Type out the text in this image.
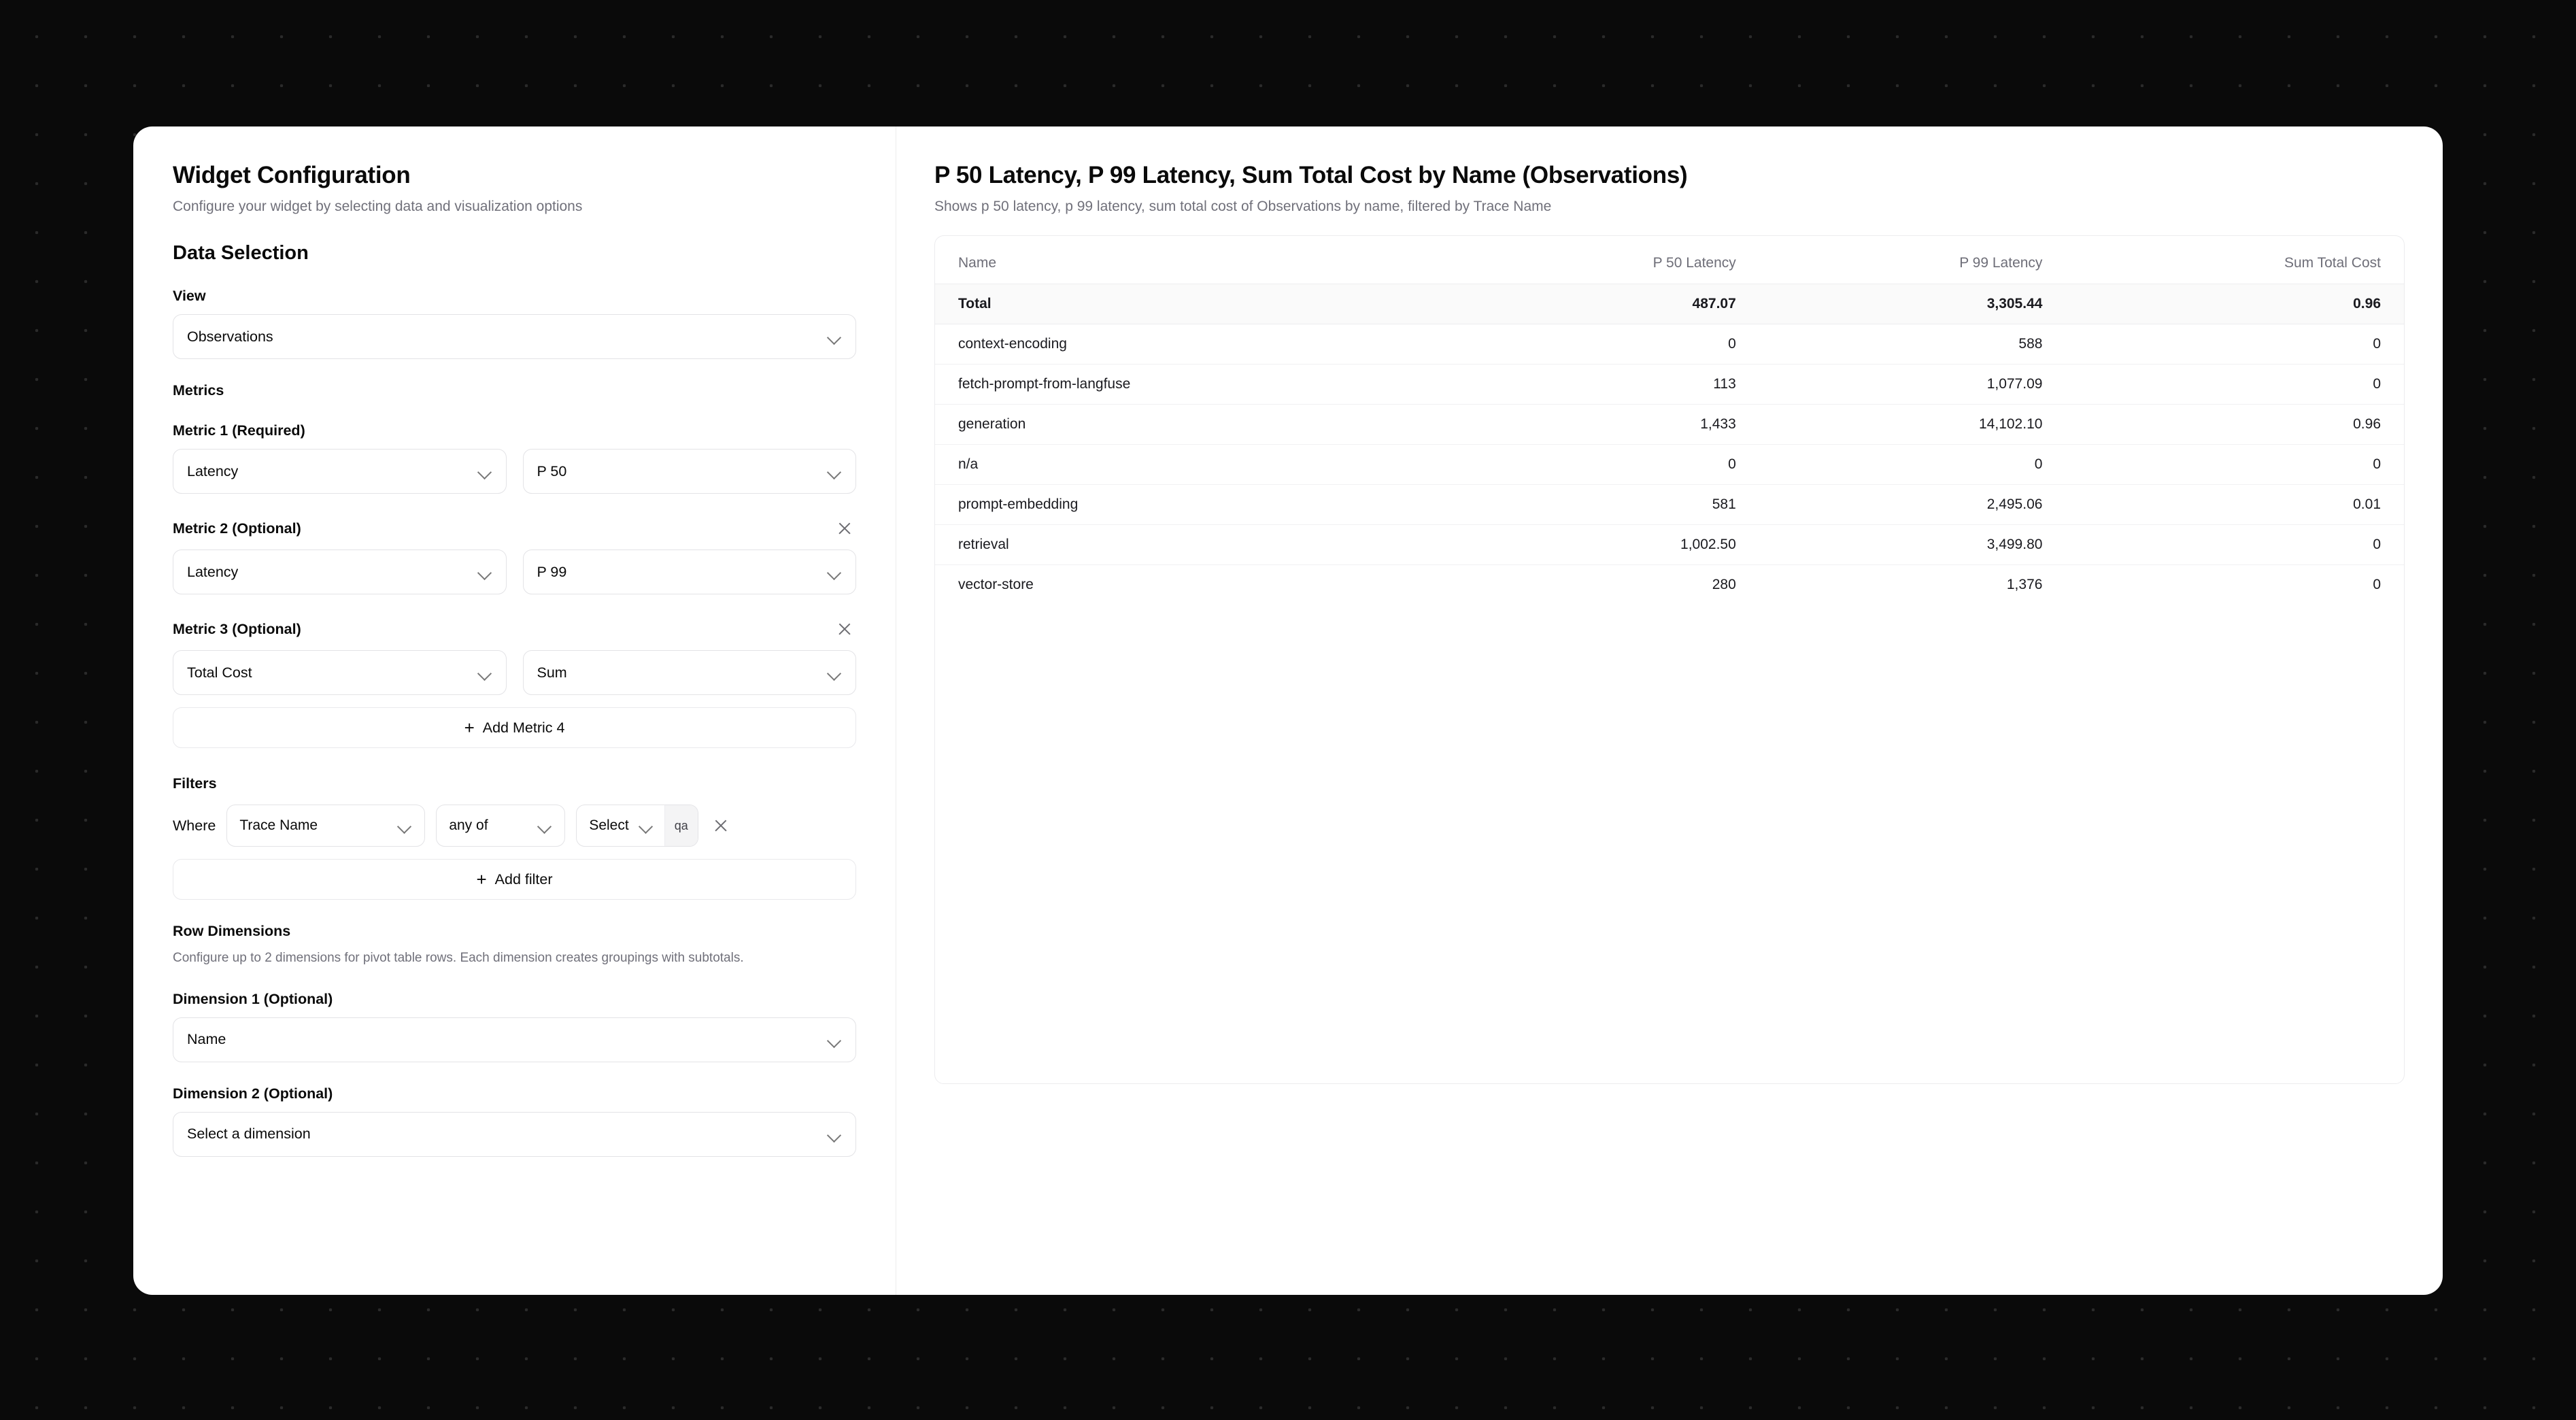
Widget Configuration
Configure your widget by selecting data and visualization options
Data Selection
View
Observations
Metrics
Metric 1 (Required)
Latency	P 50
Metric 2 (Optional)
Latency	P 99
Metric 3 (Optional)
Total Cost	Sum
+ Add Metric 4
Filters
Where Trace Name	any of	Select	qa
+ Add filter
Row Dimensions
Configure up to 2 dimensions for pivot table rows. Each dimension creates groupings with subtotals.
Dimension 1 (Optional)
Name
Dimension 2 (Optional)
Select a dimension
P 50 Latency, P 99 Latency, Sum Total Cost by Name (Observations)
Shows p 50 latency, p 99 latency, sum total cost of Observations by name, filtered by Trace Name
Name	P 50 Latency	P 99 Latency	Sum Total Cost
Total	487.07	3,305.44	0.96
context-encoding	0	588	0
fetch-prompt-from-langfuse	113	1,077.09	0
generation	1,433	14,102.10	0.96
n/a	0	0	0
prompt-embedding	581	2,495.06	0.01
retrieval	1,002.50	3,499.80	0
vector-store	280	1,376	0
